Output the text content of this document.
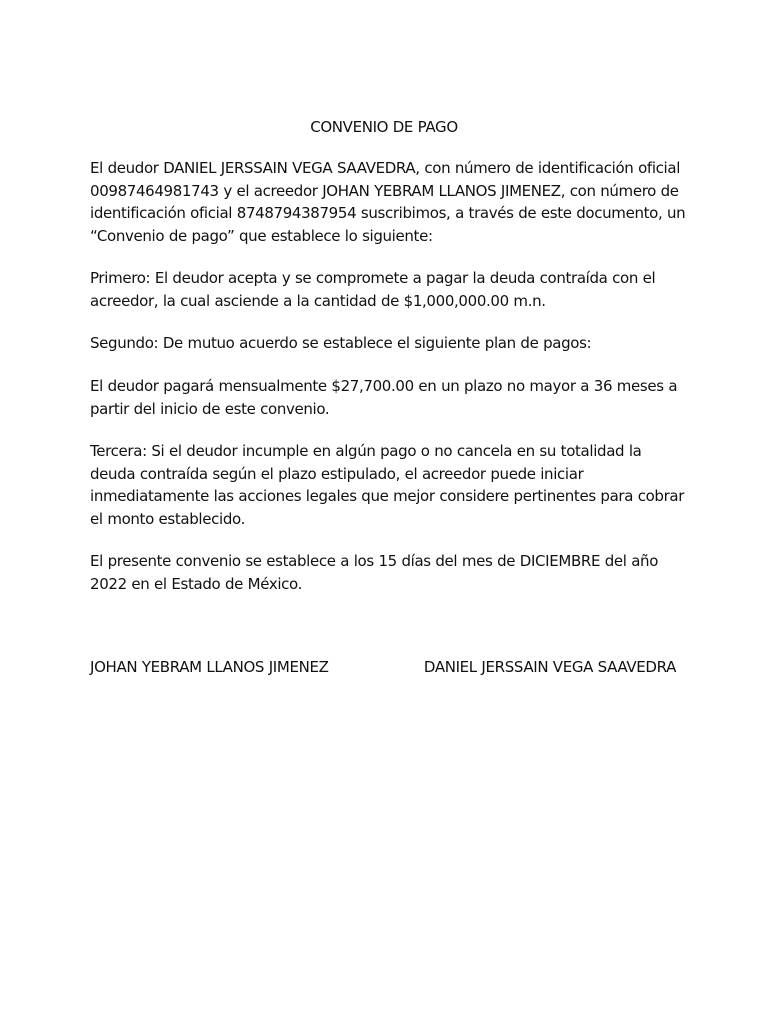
CONVENIO DE PAGO

El deudor DANIEL JERSSAIN VEGA SAAVEDRA, con número de identificación oficial 00987464981743 y el acreedor JOHAN YEBRAM LLANOS JIMENEZ, con número de identificación oficial 8748794387954 suscribimos, a través de este documento, un “Convenio de pago” que establece lo siguiente:

Primero: El deudor acepta y se compromete a pagar la deuda contraída con el acreedor, la cual asciende a la cantidad de $1,000,000.00 m.n.

Segundo: De mutuo acuerdo se establece el siguiente plan de pagos:

El deudor pagará mensualmente $27,700.00 en un plazo no mayor a 36 meses a partir del inicio de este convenio.

Tercera: Si el deudor incumple en algún pago o no cancela en su totalidad la deuda contraída según el plazo estipulado, el acreedor puede iniciar inmediatamente las acciones legales que mejor considere pertinentes para cobrar el monto establecido.

El presente convenio se establece a los 15 días del mes de DICIEMBRE del año 2022 en el Estado de México.

JOHAN YEBRAM LLANOS JIMENEZ	DANIEL JERSSAIN VEGA SAAVEDRA
